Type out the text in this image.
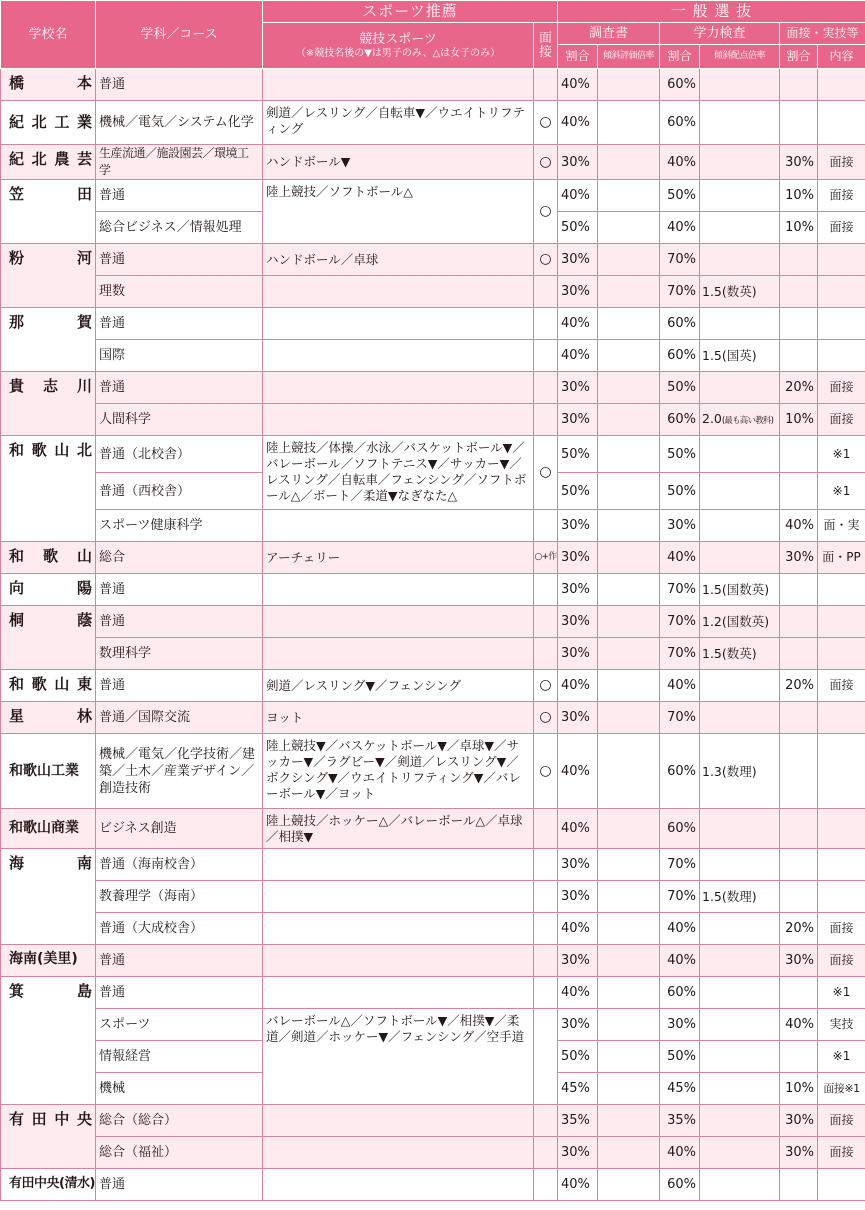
学校名	学科／コース	スポーツ推薦		一 般 選 抜					
		競技スポーツ
（※競技名後の▼は男子のみ、△は女子のみ）	面接	調査書		学力検査		面接・実技等	
				割合	傾斜評価倍率	割合	傾斜配点倍率	割合	内容
橋本	普通			40%		60%			
紀北工業	機械／電気／システム化学	剣道／レスリング／自転車▼／ウエイトリフティング	○	40%		60%			
紀北農芸	生産流通／施設園芸／環境工学	ハンドボール▼	○	30%		40%		30%	面接
笠田	普通	陸上競技／ソフトボール△	○	40%		50%		10%	面接
	総合ビジネス／情報処理			50%		40%		10%	面接
粉河	普通	ハンドボール／卓球	○	30%		70%			
	理数			30%		70%	1.5(数英)		
那賀	普通			40%		60%			
	国際			40%		60%	1.5(国英)		
貴志川	普通			30%		50%		20%	面接
	人間科学			30%		60%	2.0(最も高い教科)	10%	面接
和歌山北	普通（北校舎）	陸上競技／体操／水泳／バスケットボール▼／バレーボール／ソフトテニス▼／サッカー▼／レスリング／自転車／フェンシング／ソフトボール△／ボート／柔道▼なぎなた△	○	50%		50%			※1
	普通（西校舎）			50%		50%			※1
	スポーツ健康科学			30%		30%		40%	面・実
和歌山	総合	アーチェリー	○+作	30%		40%		30%	面・PP
向陽	普通			30%		70%	1.5(国数英)		
桐蔭	普通			30%		70%	1.2(国数英)		
	数理科学			30%		70%	1.5(数英)		
和歌山東	普通	剣道／レスリング▼／フェンシング	○	40%		40%		20%	面接
星林	普通／国際交流	ヨット	○	30%		70%			
和歌山工業	機械／電気／化学技術／建築／土木／産業デザイン／創造技術	陸上競技▼／バスケットボール▼／卓球▼／サッカー▼／ラグビー▼／剣道／レスリング▼／ボクシング▼／ウエイトリフティング▼／バレーボール▼／ヨット	○	40%		60%	1.3(数理)		
和歌山商業	ビジネス創造	陸上競技／ホッケー△／バレーボール△／卓球／相撲▼		40%		60%			
海南	普通（海南校舎）			30%		70%			
	教養理学（海南）			30%		70%	1.5(数理)		
	普通（大成校舎）			40%		40%		20%	面接
海南(美里)	普通			30%		40%		30%	面接
箕島	普通			40%		60%			※1
	スポーツ	バレーボール△／ソフトボール▼／相撲▼／柔道／剣道／ホッケー▼／フェンシング／空手道		30%		30%		40%	実技
	情報経営			50%		50%			※1
	機械			45%		45%		10%	面接※1
有田中央	総合（総合）			35%		35%		30%	面接
	総合（福祉）			30%		40%		30%	面接
有田中央(清水)	普通			40%		60%			
